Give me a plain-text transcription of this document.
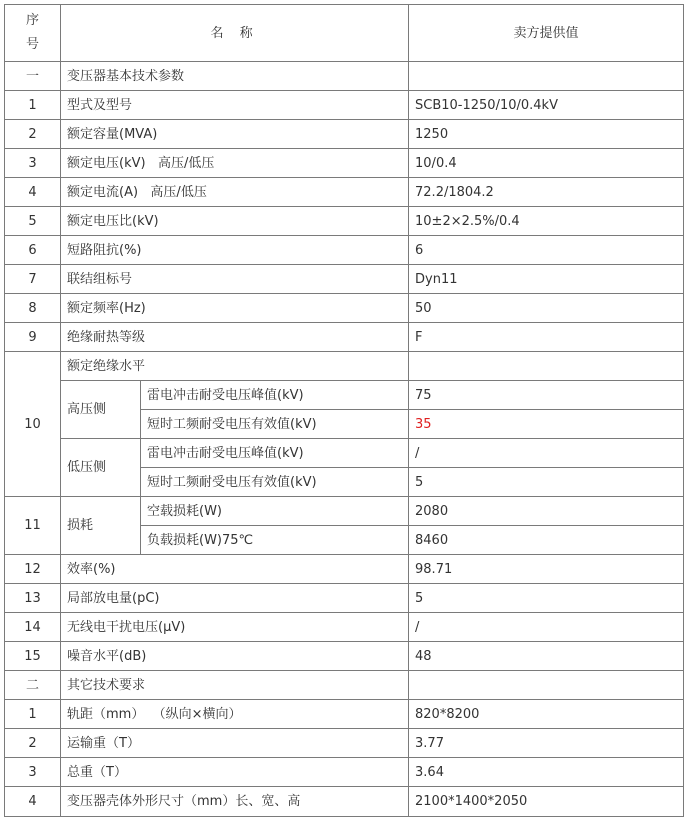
序
号	名 称		卖方提供值
一	变压器基本技术参数		
1	型式及型号		SCB10-1250/10/0.4kV
2	额定容量(MVA)		1250
3	额定电压(kV)   高压/低压		10/0.4
4	额定电流(A)   高压/低压		72.2/1804.2
5	额定电压比(kV)		10±2×2.5%/0.4
6	短路阻抗(%)		6
7	联结组标号		Dyn11
8	额定频率(Hz)		50
9	绝缘耐热等级		F
10	额定绝缘水平		
	高压侧	雷电冲击耐受电压峰值(kV)	75
		短时工频耐受电压有效值(kV)	35
	低压侧	雷电冲击耐受电压峰值(kV)	/
		短时工频耐受电压有效值(kV)	5
11	损耗	空载损耗(W)	2080
		负载损耗(W)75℃	8460
12	效率(%)		98.71
13	局部放电量(pC)		5
14	无线电干扰电压(μV)		/
15	噪音水平(dB)		48
二	其它技术要求		
1	轨距（mm）  （纵向×横向）		820*8200
2	运输重（T）		3.77
3	总重（T）		3.64
4	变压器壳体外形尺寸（mm）长、宽、高		2100*1400*2050
